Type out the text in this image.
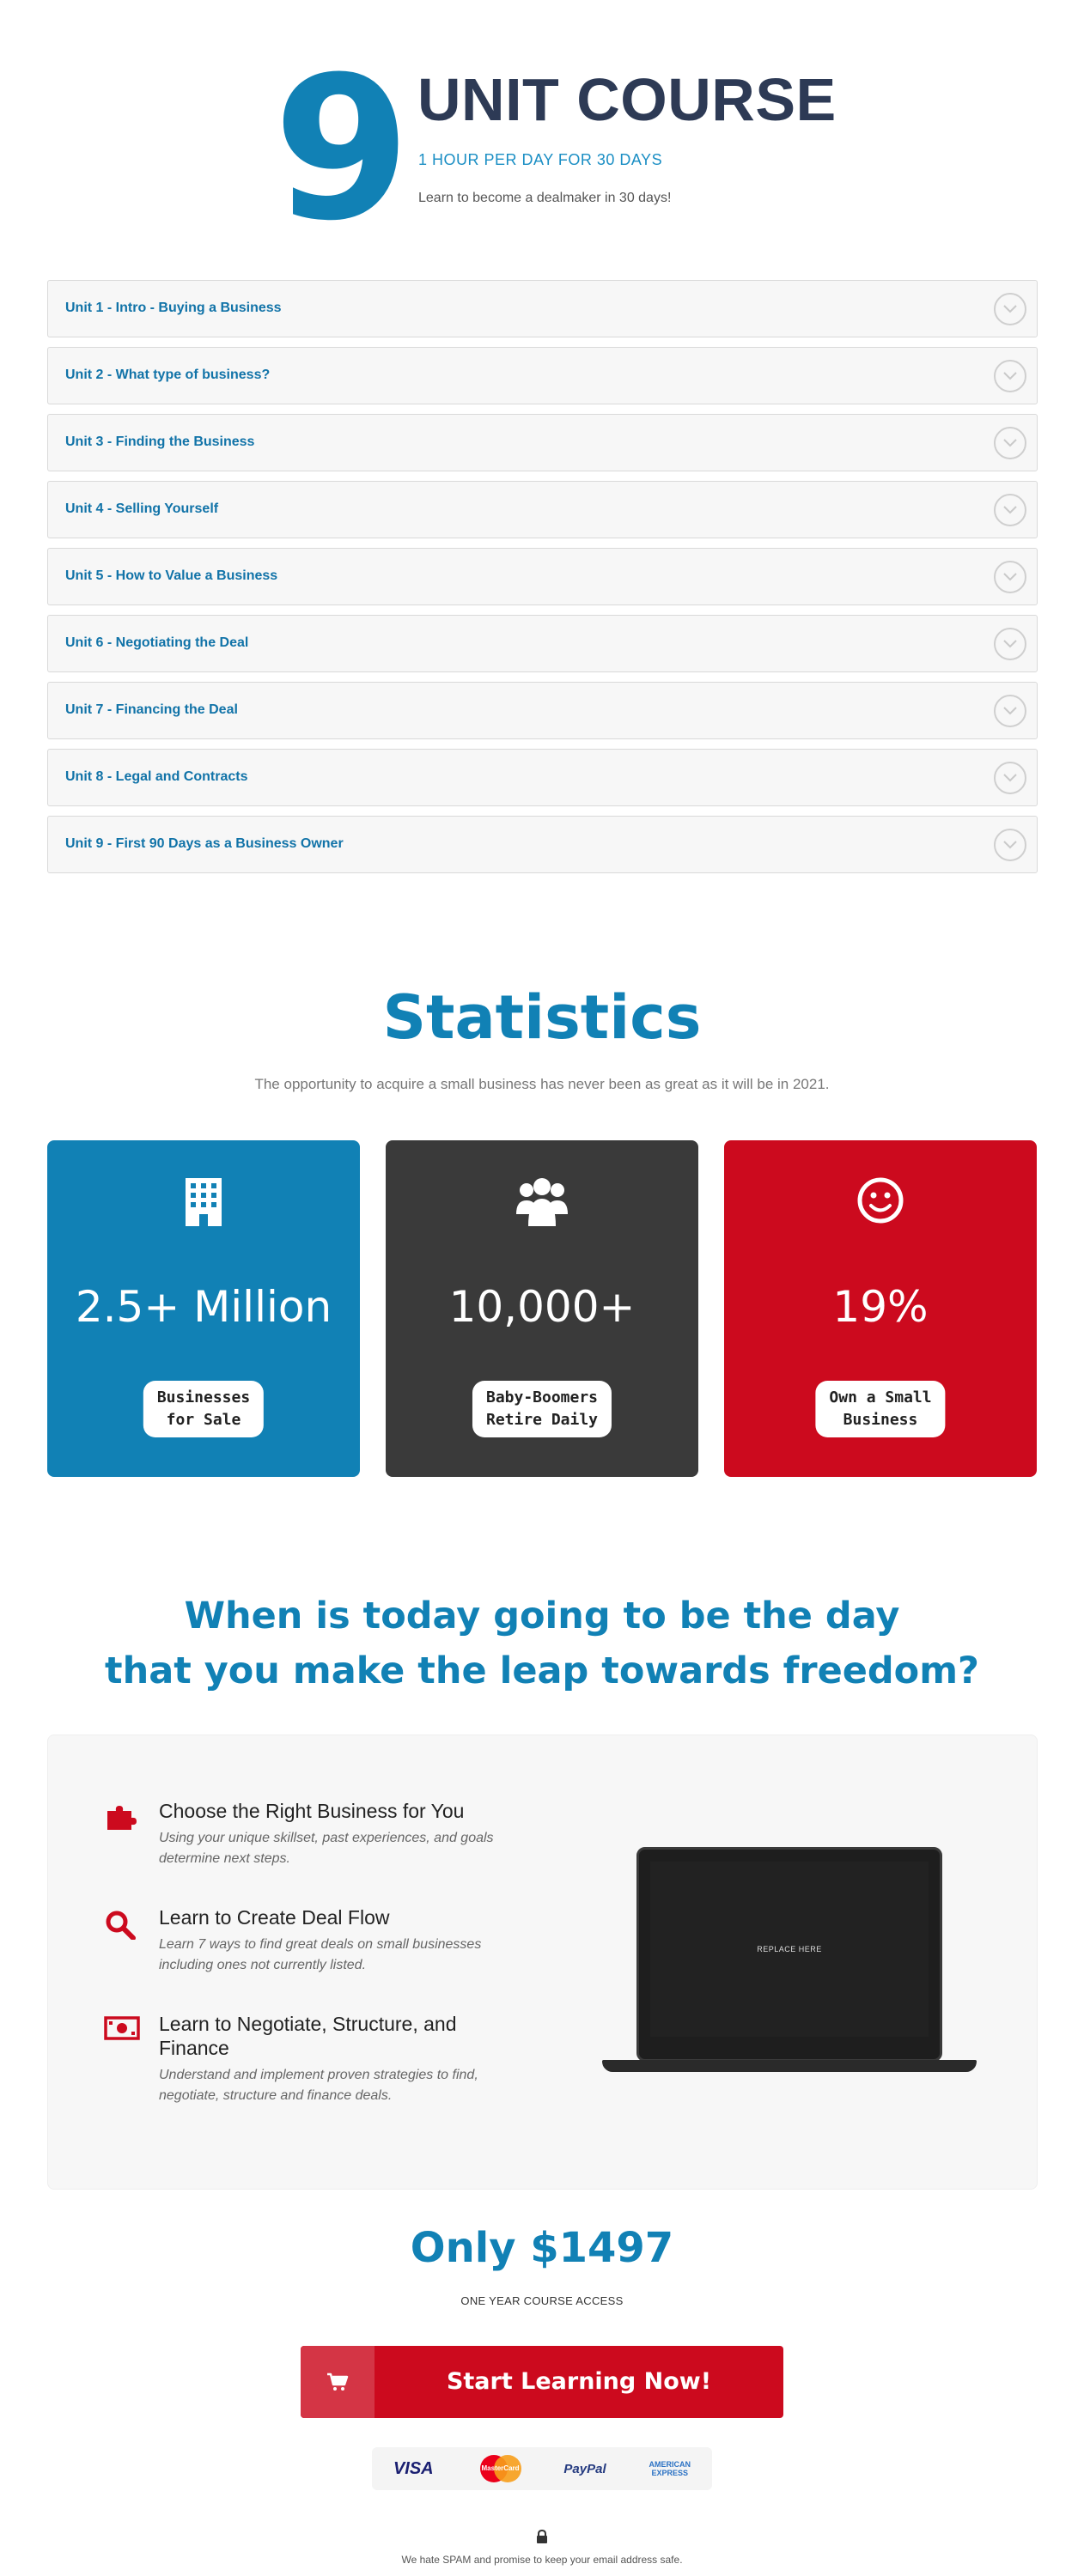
9 UNIT COURSE
1 HOUR PER DAY FOR 30 DAYS
Learn to become a dealmaker in 30 days!
Unit 1 - Intro - Buying a Business
Unit 2 - What type of business?
Unit 3 - Finding the Business
Unit 4 - Selling Yourself
Unit 5 - How to Value a Business
Unit 6 - Negotiating the Deal
Unit 7 - Financing the Deal
Unit 8 - Legal and Contracts
Unit 9 - First 90 Days as a Business Owner
Statistics
The opportunity to acquire a small business has never been as great as it will be in 2021.
2.5+ Million
Businesses
for Sale
10,000+
Baby-Boomers
Retire Daily
19%
Own a Small
Business
When is today going to be the day
that you make the leap towards freedom?
Choose the Right Business for You
Using your unique skillset, past experiences, and goals determine next steps.
Learn to Create Deal Flow
Learn 7 ways to find great deals on small businesses including ones not currently listed.
Learn to Negotiate, Structure, and Finance
Understand and implement proven strategies to find, negotiate, structure and finance deals.
REPLACE HERE
Only $1497
ONE YEAR COURSE ACCESS
Start Learning Now!
VISA	MasterCard	PayPal	AMERICAN
EXPRESS
We hate SPAM and promise to keep your email address safe.
